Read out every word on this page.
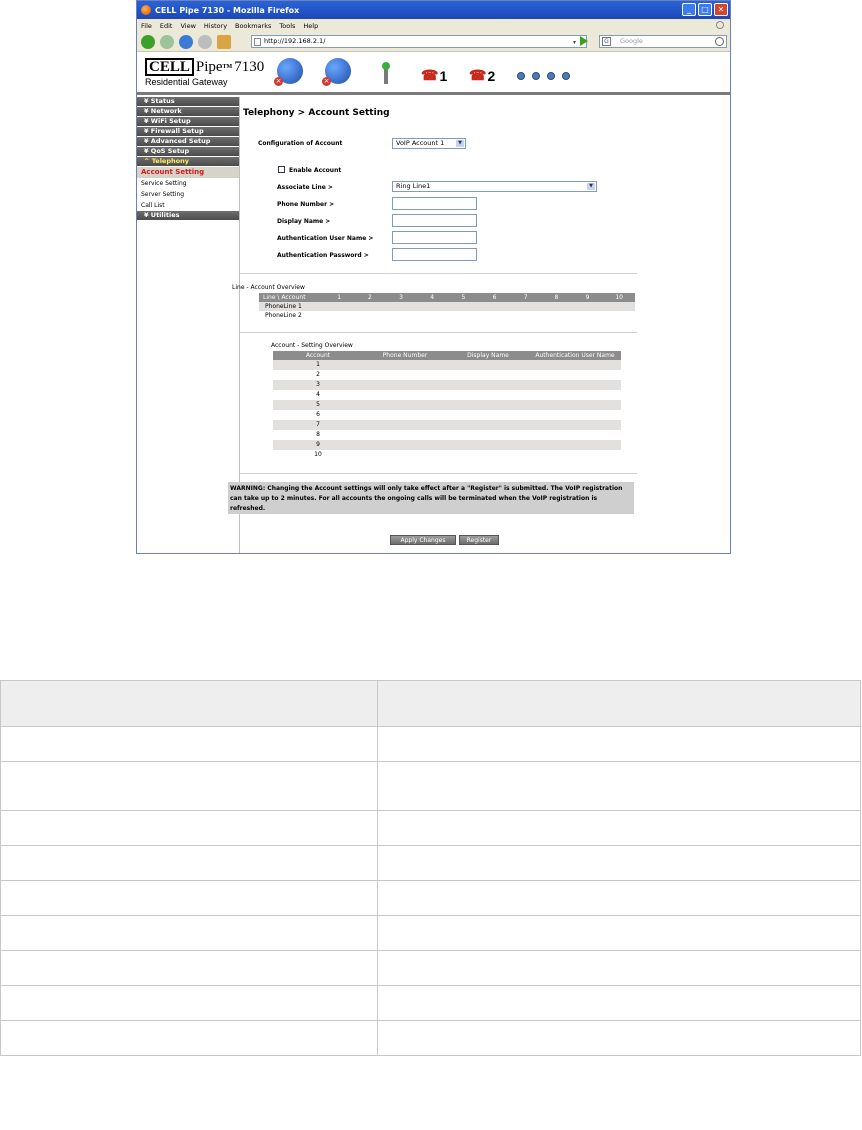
CELL Pipe 7130 - Mozilla Firefox	_	□	✕
File Edit View History Bookmarks Tools Help
http://192.168.2.1/	▾	G	Google
CELL Pipe TM 7130
Residential Gateway	×	×	☎ 1 ☎ 2
¥ Status
¥ Network
¥ WiFi Setup
¥ Firewall Setup
¥ Advanced Setup
¥ QoS Setup
^ Telephony
Account Setting
Service Setting
Server Setting
Call List
¥ Utilities
Telephony > Account Setting
Configuration of Account	VoIP Account 1	▼
Enable Account
Associate Line >	Ring Line1	▼
Phone Number >
Display Name >
Authentication User Name >
Authentication Password >
Line - Account Overview
Line \ Account	1	2	3	4	5	6	7	8	9	10
PhoneLine 1
PhoneLine 2
Account - Setting Overview
Account	Phone Number	Display Name	Authentication User Name
1
2
3
4
5
6
7
8
9
10
WARNING: Changing the Account settings will only take effect after a "Register" is submitted. The VoIP registration can take up to 2 minutes. For all accounts the ongoing calls will be terminated when the VoIP registration is refreshed.
Apply Changes	Register
